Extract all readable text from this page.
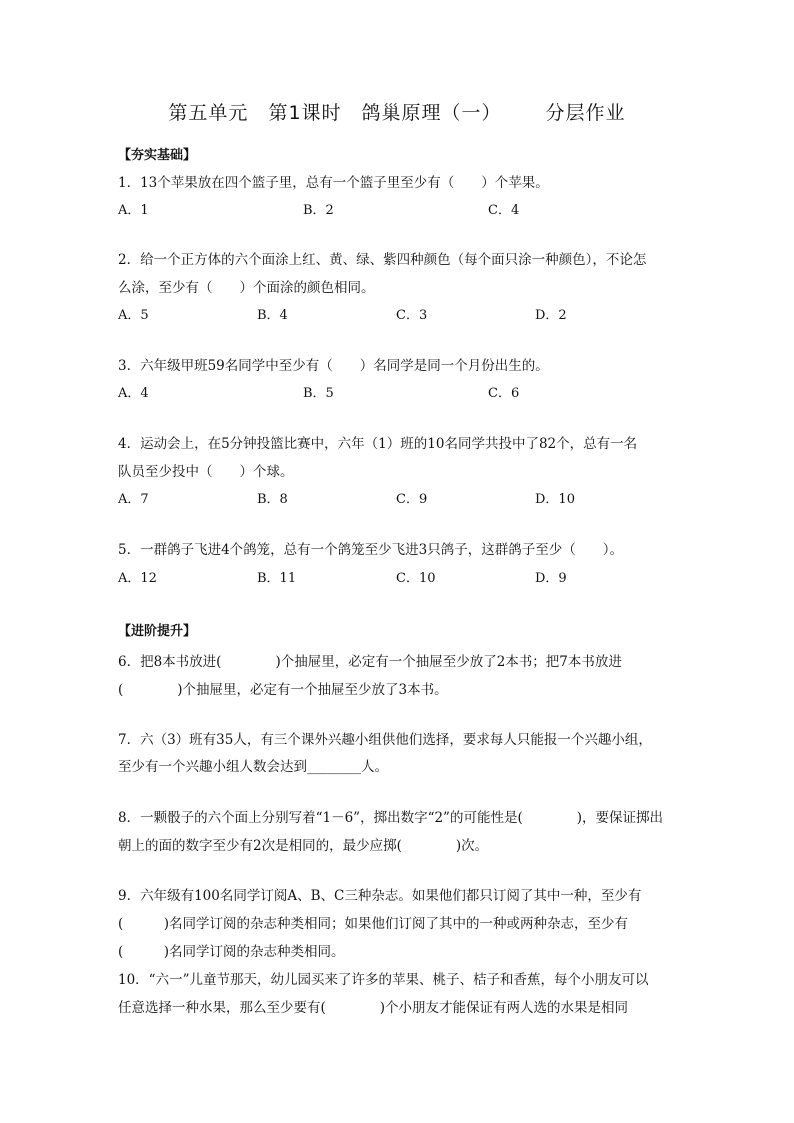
第五单元 第1课时 鸽巢原理（一） 分层作业
【夯实基础】
1．13个苹果放在四个篮子里，总有一个篮子里至少有（　　）个苹果。
A．1	B．2	C．4
2．给一个正方体的六个面涂上红、黄、绿、紫四种颜色（每个面只涂一种颜色），不论怎
么涂，至少有（　　）个面涂的颜色相同。
A．5	B．4	C．3	D．2
3．六年级甲班59名同学中至少有（　　）名同学是同一个月份出生的。
A．4	B．5	C．6
4．运动会上，在5分钟投篮比赛中，六年（1）班的10名同学共投中了82个，总有一名
队员至少投中（　　）个球。
A．7	B．8	C．9	D．10
5．一群鸽子飞进4个鸽笼，总有一个鸽笼至少飞进3只鸽子，这群鸽子至少（　　）。
A．12	B．11	C．10	D．9
【进阶提升】
6．把8本书放进(　　　　)个抽屉里，必定有一个抽屉至少放了2本书；把7本书放进
(　　　　)个抽屉里，必定有一个抽屉至少放了3本书。
7．六（3）班有35人，有三个课外兴趣小组供他们选择，要求每人只能报一个兴趣小组，
至少有一个兴趣小组人数会达到________人。
8．一颗骰子的六个面上分别写着“1－6”，掷出数字“2”的可能性是(　　　　)，要保证掷出
朝上的面的数字至少有2次是相同的，最少应掷(　　　　)次。
9．六年级有100名同学订阅A、B、C三种杂志。如果他们都只订阅了其中一种，至少有
(　　　)名同学订阅的杂志种类相同；如果他们订阅了其中的一种或两种杂志，至少有
(　　　)名同学订阅的杂志种类相同。
10．“六一”儿童节那天，幼儿园买来了许多的苹果、桃子、桔子和香蕉，每个小朋友可以
任意选择一种水果，那么至少要有(　　　　)个小朋友才能保证有两人选的水果是相同
